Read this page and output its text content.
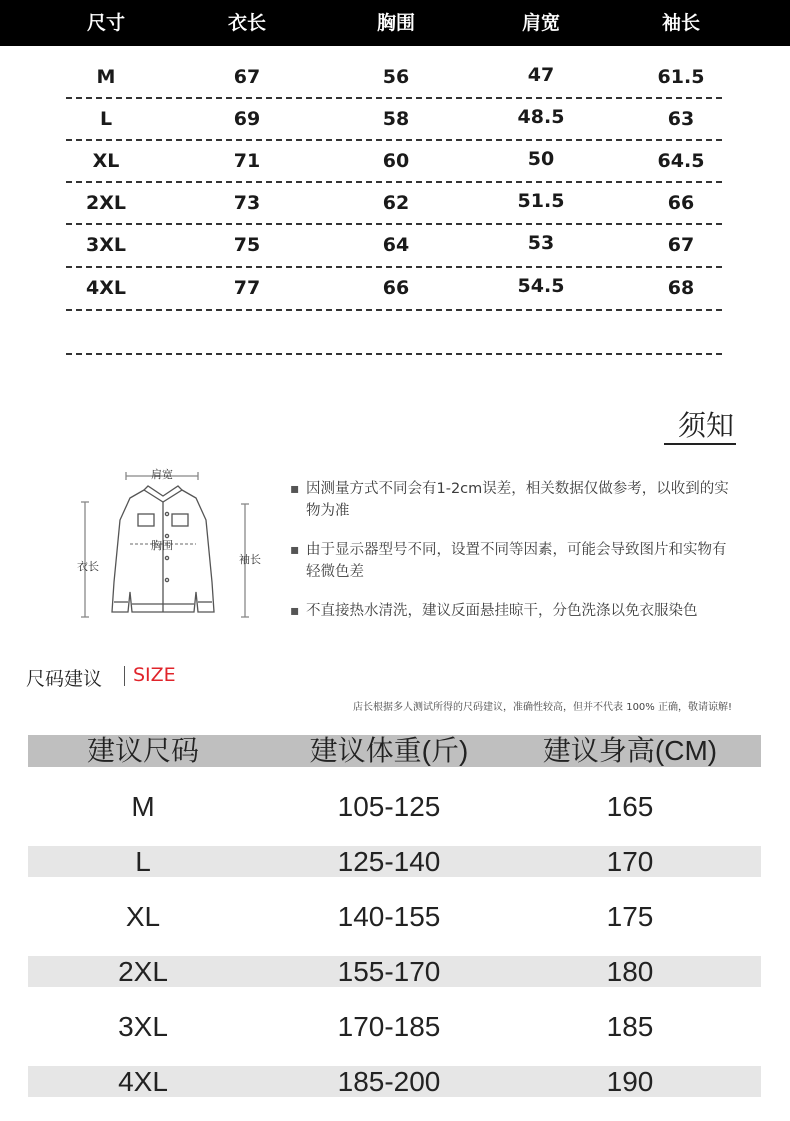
尺寸	衣长	胸围	肩宽	袖长
M	67	56	47	61.5
L	69	58	48.5	63
XL	71	60	50	64.5
2XL	73	62	51.5	66
3XL	75	64	53	67
4XL	77	66	54.5	68
须知
肩宽
胸围
衣长
袖长
▪ 因测量方式不同会有1-2cm误差，相关数据仅做参考，以收到的实物为准
▪ 由于显示器型号不同，设置不同等因素，可能会导致图片和实物有轻微色差
▪ 不直接热水清洗，建议反面悬挂晾干，分色洗涤以免衣服染色
尺码建议 SIZE
店长根据多人测试所得的尺码建议，准确性较高，但并不代表 100% 正确，敬请谅解!
建议尺码	建议体重(斤)	建议身高(CM)
M	105-125	165
L	125-140	170
XL	140-155	175
2XL	155-170	180
3XL	170-185	185
4XL	185-200	190
